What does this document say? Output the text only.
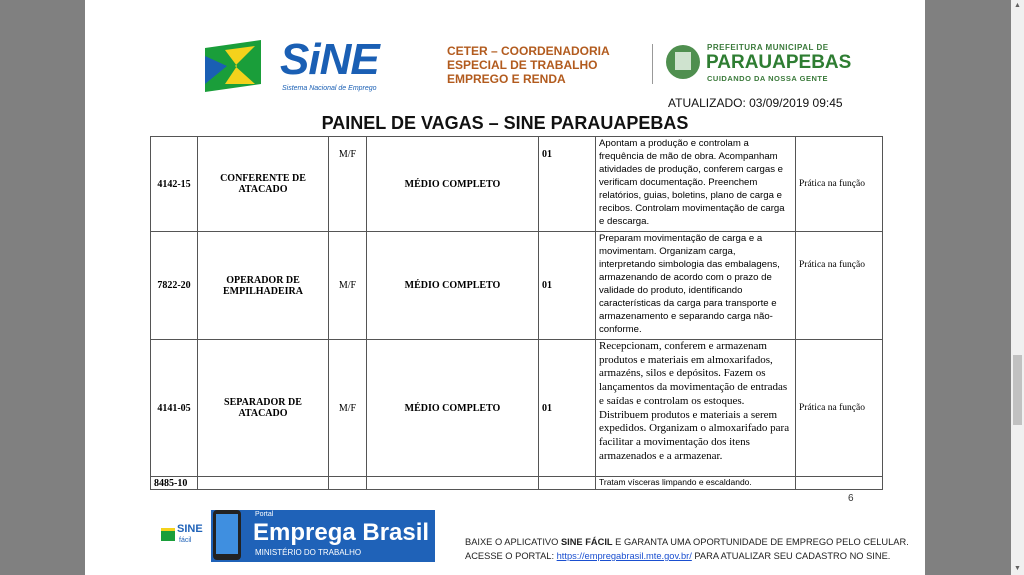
SiNE
Sistema Nacional de Emprego
CETER – COORDENADORIA
ESPECIAL DE TRABALHO
EMPREGO E RENDA
PREFEITURA MUNICIPAL DE
PARAUAPEBAS
CUIDANDO DA NOSSA GENTE
ATUALIZADO: 03/09/2019 09:45
PAINEL DE VAGAS – SINE PARAUAPEBAS
4142-15	CONFERENTE DE ATACADO	M/F	MÉDIO COMPLETO	01	Apontam a produção e controlam a frequência de mão de obra. Acompanham atividades de produção, conferem cargas e verificam documentação. Preenchem relatórios, guias, boletins, plano de carga e recibos. Controlam movimentação de carga e descarga.	Prática na função
7822-20	OPERADOR DE EMPILHADEIRA	M/F	MÉDIO COMPLETO	01	Preparam movimentação de carga e a movimentam. Organizam carga, interpretando simbologia das embalagens, armazenando de acordo com o prazo de validade do produto, identificando características da carga para transporte e armazenamento e separando carga não-conforme.	Prática na função
4141-05	SEPARADOR DE ATACADO	M/F	MÉDIO COMPLETO	01	Recepcionam, conferem e armazenam produtos e materiais em almoxarifados, armazéns, silos e depósitos. Fazem os lançamentos da movimentação de entradas e saídas e controlam os estoques. Distribuem produtos e materiais a serem expedidos. Organizam o almoxarifado para facilitar a movimentação dos itens armazenados e a armazenar.	Prática na função
8485-10					Tratam vísceras limpando e escaldando.	
6
SINE
fácil
Portal
Emprega Brasil
MINISTÉRIO DO TRABALHO
BAIXE O APLICATIVO SINE FÁCIL E GARANTA UMA OPORTUNIDADE DE EMPREGO PELO CELULAR.
ACESSE O PORTAL: https://empregabrasil.mte.gov.br/ PARA ATUALIZAR SEU CADASTRO NO SINE.
▲
▼
